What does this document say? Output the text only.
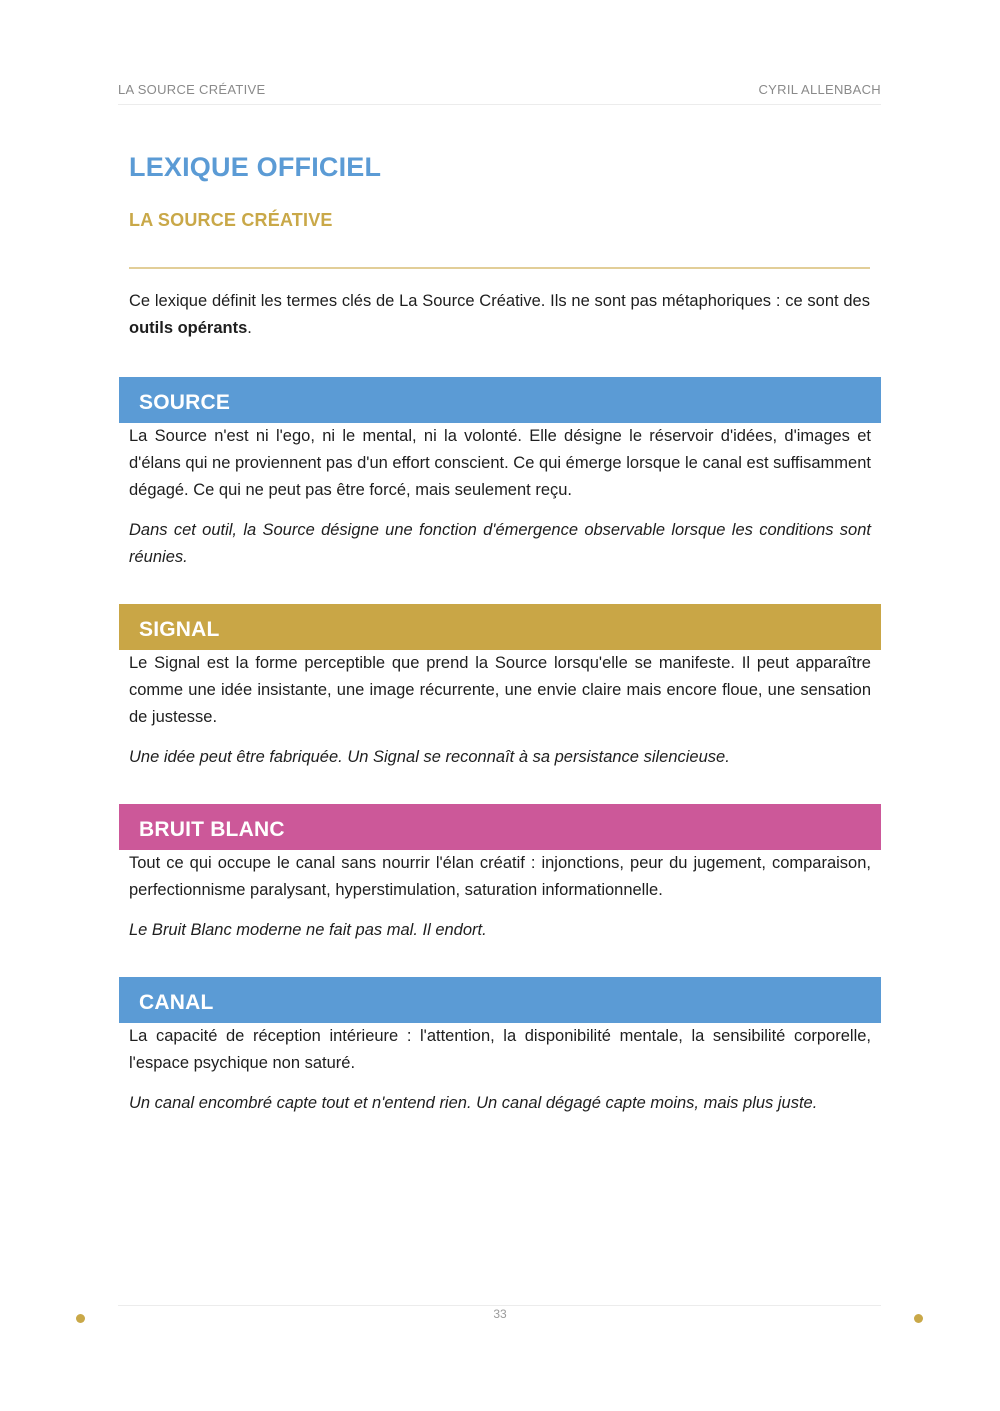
LA SOURCE CRÉATIVE	CYRIL ALLENBACH
LEXIQUE OFFICIEL
LA SOURCE CRÉATIVE

Ce lexique définit les termes clés de La Source Créative. Ils ne sont pas métaphoriques : ce sont des outils opérants.

SOURCE

La Source n'est ni l'ego, ni le mental, ni la volonté. Elle désigne le réservoir d'idées, d'images et d'élans qui ne proviennent pas d'un effort conscient. Ce qui émerge lorsque le canal est suffisamment dégagé. Ce qui ne peut pas être forcé, mais seulement reçu.

Dans cet outil, la Source désigne une fonction d'émergence observable lorsque les conditions sont réunies.

SIGNAL

Le Signal est la forme perceptible que prend la Source lorsqu'elle se manifeste. Il peut apparaître comme une idée insistante, une image récurrente, une envie claire mais encore floue, une sensation de justesse.

Une idée peut être fabriquée. Un Signal se reconnaît à sa persistance silencieuse.

BRUIT BLANC

Tout ce qui occupe le canal sans nourrir l'élan créatif : injonctions, peur du jugement, comparaison, perfectionnisme paralysant, hyperstimulation, saturation informationnelle.

Le Bruit Blanc moderne ne fait pas mal. Il endort.

CANAL

La capacité de réception intérieure : l'attention, la disponibilité mentale, la sensibilité corporelle, l'espace psychique non saturé.

Un canal encombré capte tout et n'entend rien. Un canal dégagé capte moins, mais plus juste.

33
